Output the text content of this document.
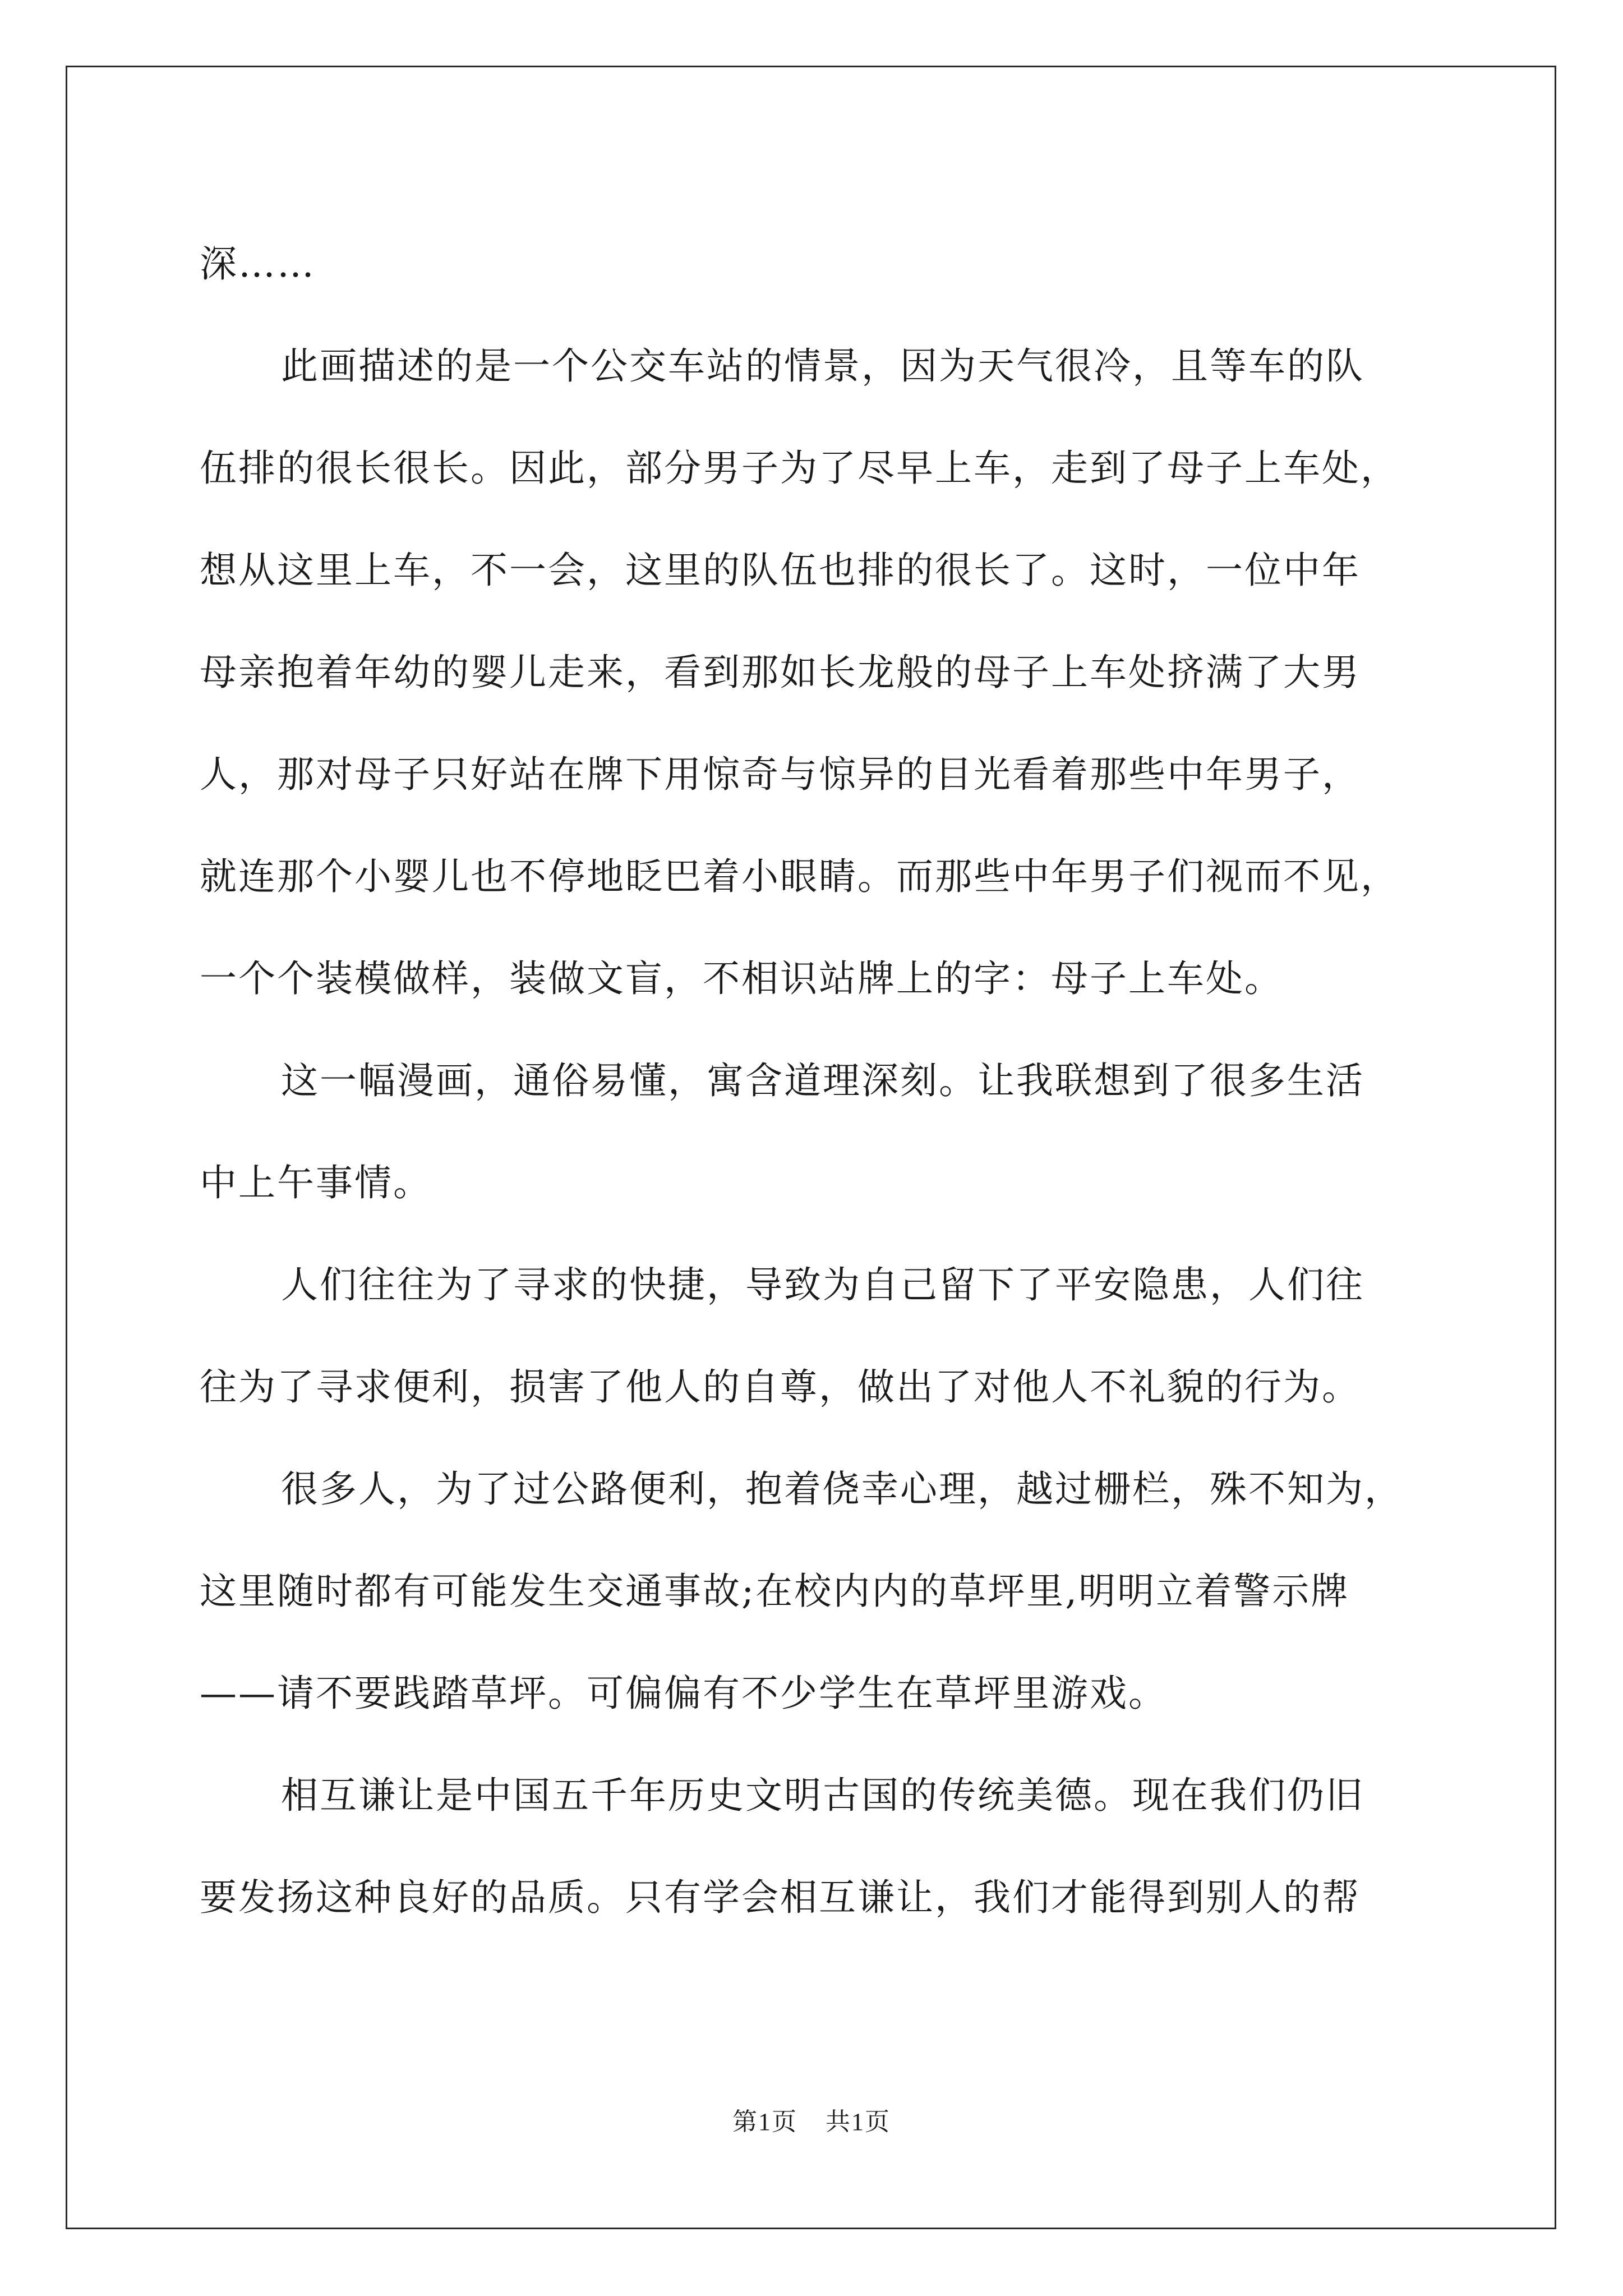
深……
此画描述的是一个公交车站的情景，因为天气很冷，且等车的队
伍排的很长很长。因此，部分男子为了尽早上车，走到了母子上车处，
想从这里上车，不一会，这里的队伍也排的很长了。这时，一位中年
母亲抱着年幼的婴儿走来，看到那如长龙般的母子上车处挤满了大男
人，那对母子只好站在牌下用惊奇与惊异的目光看着那些中年男子，
就连那个小婴儿也不停地眨巴着小眼睛。而那些中年男子们视而不见，
一个个装模做样，装做文盲，不相识站牌上的字：母子上车处。
这一幅漫画，通俗易懂，寓含道理深刻。让我联想到了很多生活
中上午事情。
人们往往为了寻求的快捷，导致为自己留下了平安隐患，人们往
往为了寻求便利，损害了他人的自尊，做出了对他人不礼貌的行为。
很多人，为了过公路便利，抱着侥幸心理，越过栅栏，殊不知为，
这里随时都有可能发生交通事故;在校内内的草坪里,明明立着警示牌
——请不要践踏草坪。可偏偏有不少学生在草坪里游戏。
相互谦让是中国五千年历史文明古国的传统美德。现在我们仍旧
要发扬这种良好的品质。只有学会相互谦让，我们才能得到别人的帮
第1页 共1页
